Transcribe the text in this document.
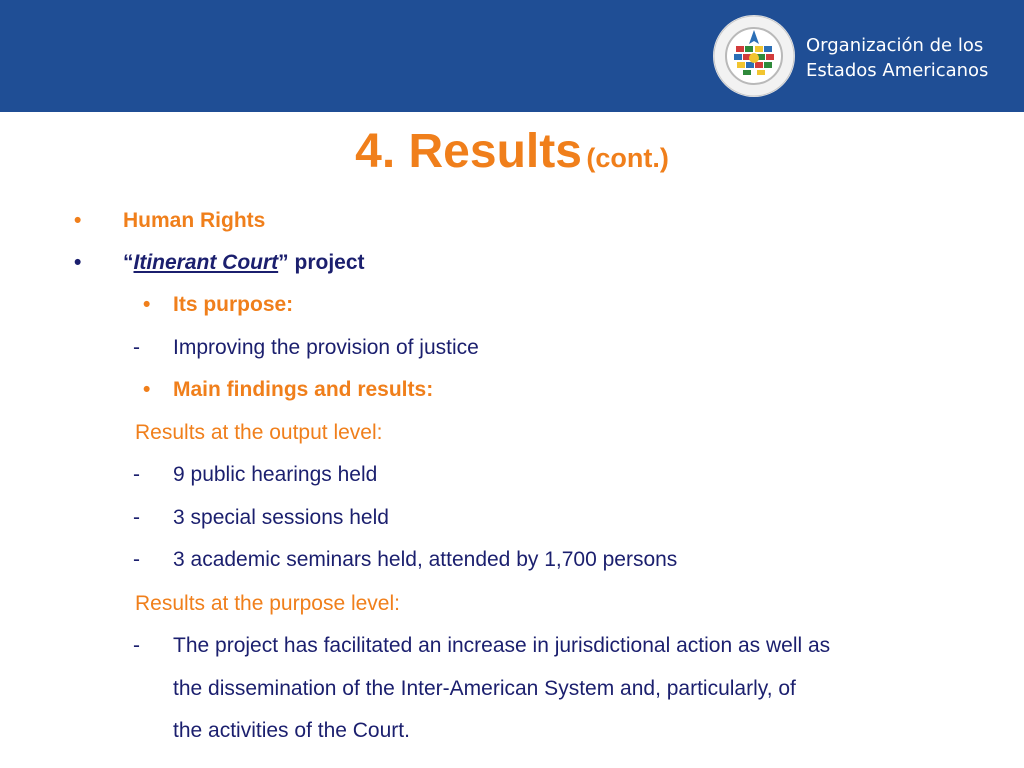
Organización de los
Estados Americanos
4. Results (cont.)
• Human Rights
• “Itinerant Court” project
• Its purpose:
- Improving the provision of justice
• Main findings and results:
Results at the output level:
- 9 public hearings held
- 3 special sessions held
- 3 academic seminars held, attended by 1,700 persons
Results at the purpose level:
- The project has facilitated an increase in jurisdictional action as well as
the dissemination of the Inter-American System and, particularly, of
the activities of the Court.
